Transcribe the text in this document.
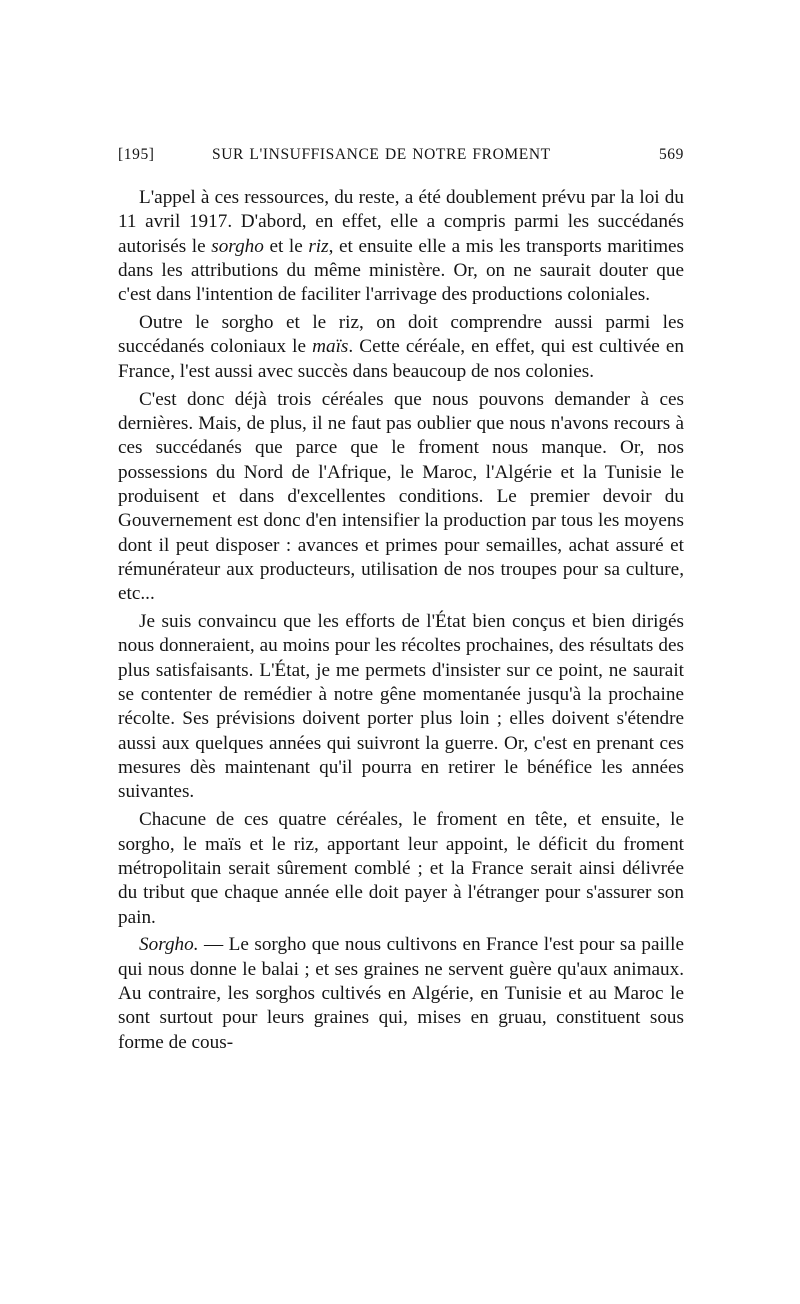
[195]	SUR L'INSUFFISANCE DE NOTRE FROMENT	569

L'appel à ces ressources, du reste, a été doublement prévu par la loi du 11 avril 1917. D'abord, en effet, elle a compris parmi les succédanés autorisés le sorgho et le riz, et ensuite elle a mis les transports maritimes dans les attributions du même ministère. Or, on ne saurait douter que c'est dans l'intention de faciliter l'arrivage des productions coloniales.

Outre le sorgho et le riz, on doit comprendre aussi parmi les succédanés coloniaux le maïs. Cette céréale, en effet, qui est cultivée en France, l'est aussi avec succès dans beaucoup de nos colonies.

C'est donc déjà trois céréales que nous pouvons demander à ces dernières. Mais, de plus, il ne faut pas oublier que nous n'avons recours à ces succédanés que parce que le froment nous manque. Or, nos possessions du Nord de l'Afrique, le Maroc, l'Algérie et la Tunisie le produisent et dans d'excellentes conditions. Le premier devoir du Gouvernement est donc d'en intensifier la production par tous les moyens dont il peut disposer : avances et primes pour semailles, achat assuré et rémunérateur aux producteurs, utilisation de nos troupes pour sa culture, etc...

Je suis convaincu que les efforts de l'État bien conçus et bien dirigés nous donneraient, au moins pour les récoltes prochaines, des résultats des plus satisfaisants. L'État, je me permets d'insister sur ce point, ne saurait se contenter de remédier à notre gêne momentanée jusqu'à la prochaine récolte. Ses prévisions doivent porter plus loin ; elles doivent s'étendre aussi aux quelques années qui suivront la guerre. Or, c'est en prenant ces mesures dès maintenant qu'il pourra en retirer le bénéfice les années suivantes.

Chacune de ces quatre céréales, le froment en tête, et ensuite, le sorgho, le maïs et le riz, apportant leur appoint, le déficit du froment métropolitain serait sûrement comblé ; et la France serait ainsi délivrée du tribut que chaque année elle doit payer à l'étranger pour s'assurer son pain.

Sorgho. — Le sorgho que nous cultivons en France l'est pour sa paille qui nous donne le balai ; et ses graines ne servent guère qu'aux animaux. Au contraire, les sorghos cultivés en Algérie, en Tunisie et au Maroc le sont surtout pour leurs graines qui, mises en gruau, constituent sous forme de cous-
